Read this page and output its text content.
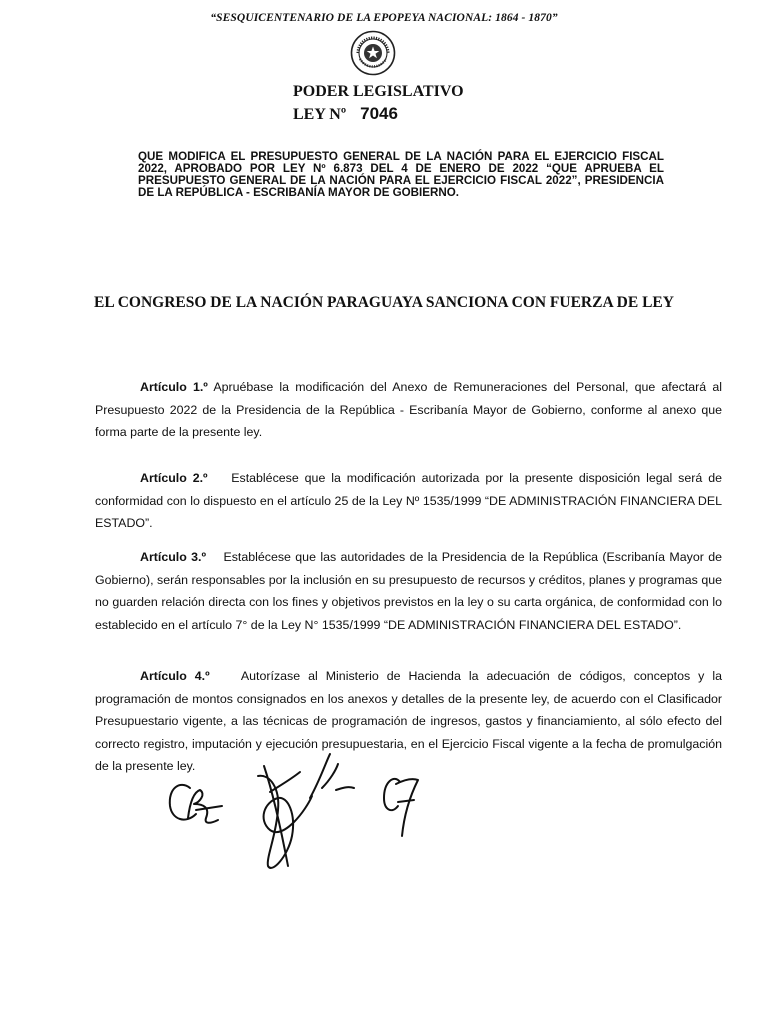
“SESQUICENTENARIO DE LA EPOPEYA NACIONAL: 1864 - 1870”
PODER LEGISLATIVO
LEY Nº 7046
QUE MODIFICA EL PRESUPUESTO GENERAL DE LA NACIÓN PARA EL EJERCICIO FISCAL 2022, APROBADO POR LEY Nº 6.873 DEL 4 DE ENERO DE 2022 “QUE APRUEBA EL PRESUPUESTO GENERAL DE LA NACIÓN PARA EL EJERCICIO FISCAL 2022”, PRESIDENCIA DE LA REPÚBLICA - ESCRIBANÍA MAYOR DE GOBIERNO.
EL CONGRESO DE LA NACIÓN PARAGUAYA SANCIONA CON FUERZA DE LEY

Artículo 1.º Apruébase la modificación del Anexo de Remuneraciones del Personal, que afectará al Presupuesto 2022 de la Presidencia de la República - Escribanía Mayor de Gobierno, conforme al anexo que forma parte de la presente ley.

Artículo 2.º Establécese que la modificación autorizada por la presente disposición legal será de conformidad con lo dispuesto en el artículo 25 de la Ley Nº 1535/1999 “DE ADMINISTRACIÓN FINANCIERA DEL ESTADO”.

Artículo 3.º Establécese que las autoridades de la Presidencia de la República (Escribanía Mayor de Gobierno), serán responsables por la inclusión en su presupuesto de recursos y créditos, planes y programas que no guarden relación directa con los fines y objetivos previstos en la ley o su carta orgánica, de conformidad con lo establecido en el artículo 7° de la Ley N° 1535/1999 “DE ADMINISTRACIÓN FINANCIERA DEL ESTADO”.

Artículo 4.º	Autorízase al Ministerio de Hacienda la adecuación de códigos, conceptos y la programación de montos consignados en los anexos y detalles de la presente ley, de acuerdo con el Clasificador Presupuestario vigente, a las técnicas de programación de ingresos, gastos y financiamiento, al sólo efecto del correcto registro, imputación y ejecución presupuestaria, en el Ejercicio Fiscal vigente a la fecha de promulgación de la presente ley.
